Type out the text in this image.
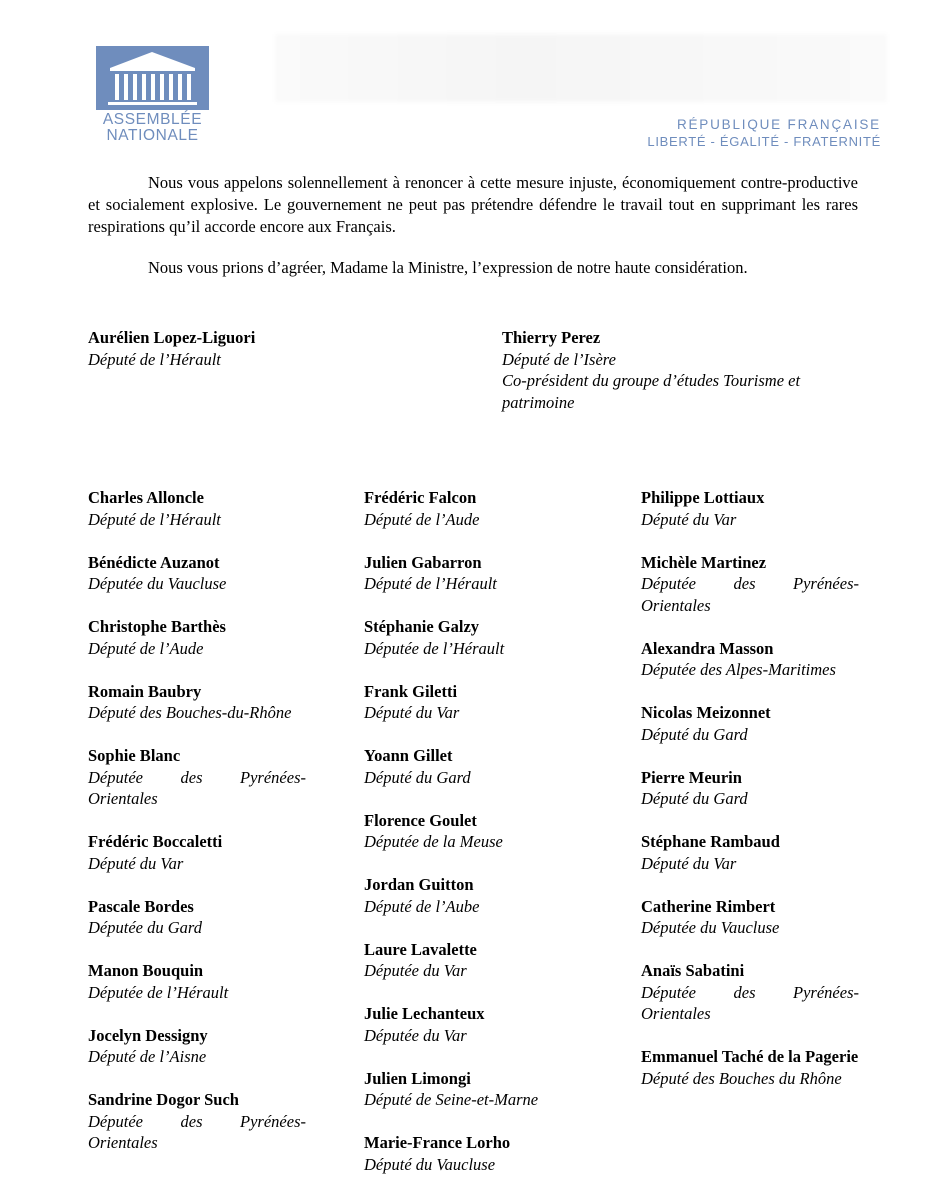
ASSEMBLÉE
NATIONALE
RÉPUBLIQUE FRANÇAISE
LIBERTÉ - ÉGALITÉ - FRATERNITÉ

Nous vous appelons solennellement à renoncer à cette mesure injuste, économiquement contre-productive et socialement explosive. Le gouvernement ne peut pas prétendre défendre le travail tout en supprimant les rares respirations qu’il accorde encore aux Français.

Nous vous prions d’agréer, Madame la Ministre, l’expression de notre haute considération.

Aurélien Lopez-Liguori
Député de l’Hérault
Thierry Perez
Député de l’Isère
Co-président du groupe d’études Tourisme et patrimoine
Charles Alloncle
Député de l’Hérault
Bénédicte Auzanot
Députée du Vaucluse
Christophe Barthès
Député de l’Aude
Romain Baubry
Député des Bouches-du-Rhône
Sophie Blanc
Députée des Pyrénées-Orientales
Frédéric Boccaletti
Député du Var
Pascale Bordes
Députée du Gard
Manon Bouquin
Députée de l’Hérault
Jocelyn Dessigny
Député de l’Aisne
Sandrine Dogor Such
Députée des Pyrénées-Orientales
Frédéric Falcon
Député de l’Aude
Julien Gabarron
Député de l’Hérault
Stéphanie Galzy
Députée de l’Hérault
Frank Giletti
Député du Var
Yoann Gillet
Député du Gard
Florence Goulet
Députée de la Meuse
Jordan Guitton
Député de l’Aube
Laure Lavalette
Députée du Var
Julie Lechanteux
Députée du Var
Julien Limongi
Député de Seine-et-Marne
Marie-France Lorho
Député du Vaucluse
Philippe Lottiaux
Député du Var
Michèle Martinez
Députée des Pyrénées-Orientales
Alexandra Masson
Députée des Alpes-Maritimes
Nicolas Meizonnet
Député du Gard
Pierre Meurin
Député du Gard
Stéphane Rambaud
Député du Var
Catherine Rimbert
Députée du Vaucluse
Anaïs Sabatini
Députée des Pyrénées-Orientales
Emmanuel Taché de la Pagerie
Député des Bouches du Rhône
